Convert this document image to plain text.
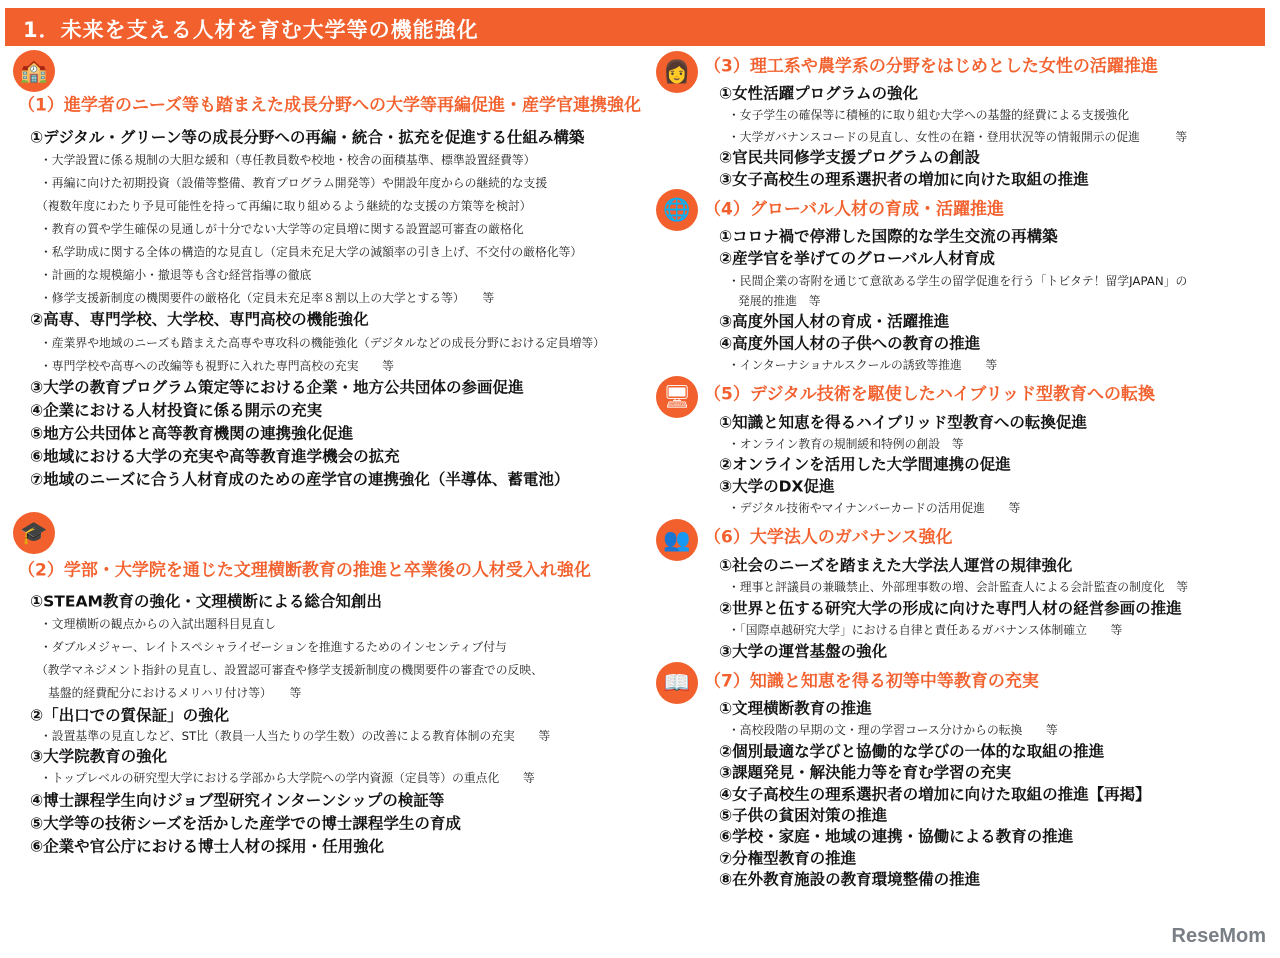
1．未来を支える人材を育む大学等の機能強化
ReseMom
🏫
（1）進学者のニーズ等も踏まえた成長分野への大学等再編促進・産学官連携強化
①デジタル・グリーン等の成長分野への再編・統合・拡充を促進する仕組み構築
・大学設置に係る規制の大胆な緩和（専任教員数や校地・校舎の面積基準、標準設置経費等）
・再編に向けた初期投資（設備等整備、教育プログラム開発等）や開設年度からの継続的な支援
（複数年度にわたり予見可能性を持って再編に取り組めるよう継続的な支援の方策等を検討）
・教育の質や学生確保の見通しが十分でない大学等の定員増に関する設置認可審査の厳格化
・私学助成に関する全体の構造的な見直し（定員未充足大学の減額率の引き上げ、不交付の厳格化等）
・計画的な規模縮小・撤退等も含む経営指導の徹底
・修学支援新制度の機関要件の厳格化（定員未充足率８割以上の大学とする等）　　等
②高専、専門学校、大学校、専門高校の機能強化
・産業界や地域のニーズも踏まえた高専や専攻科の機能強化（デジタルなどの成長分野における定員増等）
・専門学校や高専への改編等も視野に入れた専門高校の充実　　等
③大学の教育プログラム策定等における企業・地方公共団体の参画促進
④企業における人材投資に係る開示の充実
⑤地方公共団体と高等教育機関の連携強化促進
⑥地域における大学の充実や高等教育進学機会の拡充
⑦地域のニーズに合う人材育成のための産学官の連携強化（半導体、蓄電池）
🎓
（2）学部・大学院を通じた文理横断教育の推進と卒業後の人材受入れ強化
①STEAM教育の強化・文理横断による総合知創出
・文理横断の観点からの入試出題科目見直し
・ダブルメジャー、レイトスペシャライゼーションを推進するためのインセンティブ付与
（教学マネジメント指針の見直し、設置認可審査や修学支援新制度の機関要件の審査での反映、
基盤的経費配分におけるメリハリ付け等）　　等
②「出口での質保証」の強化
・設置基準の見直しなど、ST比（教員一人当たりの学生数）の改善による教育体制の充実　　等
③大学院教育の強化
・トップレベルの研究型大学における学部から大学院への学内資源（定員等）の重点化　　等
④博士課程学生向けジョブ型研究インターンシップの検証等
⑤大学等の技術シーズを活かした産学での博士課程学生の育成
⑥企業や官公庁における博士人材の採用・任用強化
👩 （3）理工系や農学系の分野をはじめとした女性の活躍推進
①女性活躍プログラムの強化
・女子学生の確保等に積極的に取り組む大学への基盤的経費による支援強化
・大学ガバナンスコードの見直し、女性の在籍・登用状況等の情報開示の促進　　　等
②官民共同修学支援プログラムの創設
③女子高校生の理系選択者の増加に向けた取組の推進
🌐 （4）グローバル人材の育成・活躍推進
①コロナ禍で停滞した国際的な学生交流の再構築
②産学官を挙げてのグローバル人材育成
・民間企業の寄附を通じて意欲ある学生の留学促進を行う「トビタテ！留学JAPAN」の
発展的推進　等
③高度外国人材の育成・活躍推進
④高度外国人材の子供への教育の推進
・インターナショナルスクールの誘致等推進　　等
🖥 （5）デジタル技術を駆使したハイブリッド型教育への転換
①知識と知恵を得るハイブリッド型教育への転換促進
・オンライン教育の規制緩和特例の創設　等
②オンラインを活用した大学間連携の促進
③大学のDX促進
・デジタル技術やマイナンバーカードの活用促進　　等
👥 （6）大学法人のガバナンス強化
①社会のニーズを踏まえた大学法人運営の規律強化
・理事と評議員の兼職禁止、外部理事数の増、会計監査人による会計監査の制度化　等
②世界と伍する研究大学の形成に向けた専門人材の経営参画の推進
・「国際卓越研究大学」における自律と責任あるガバナンス体制確立　　等
③大学の運営基盤の強化
📖 （7）知識と知恵を得る初等中等教育の充実
①文理横断教育の推進
・高校段階の早期の文・理の学習コース分けからの転換　　等
②個別最適な学びと協働的な学びの一体的な取組の推進
③課題発見・解決能力等を育む学習の充実
④女子高校生の理系選択者の増加に向けた取組の推進【再掲】
⑤子供の貧困対策の推進
⑥学校・家庭・地域の連携・協働による教育の推進
⑦分権型教育の推進
⑧在外教育施設の教育環境整備の推進
